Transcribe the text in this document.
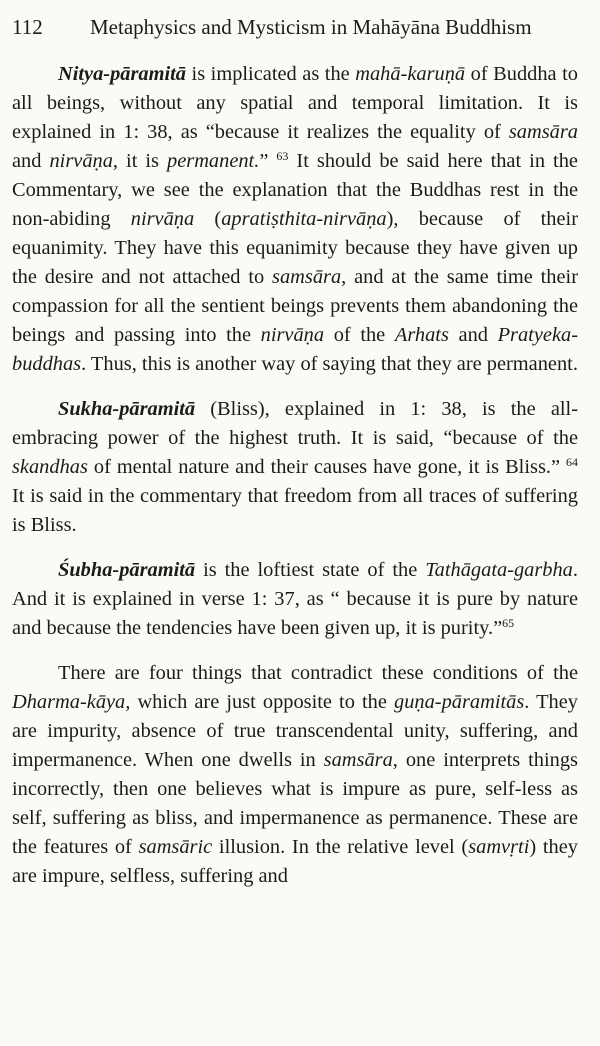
112	Metaphysics and Mysticism in Mahāyāna Buddhism

Nitya-pāramitā is implicated as the mahā-karuṇā of Buddha to all beings, without any spatial and temporal limitation. It is explained in 1: 38, as “because it realizes the equality of samsāra and nirvāṇa, it is permanent.” $^{63}$ It should be said here that in the Commentary, we see the explanation that the Buddhas rest in the non-abiding nirvāṇa (apratiṣthita-nirvāṇa), because of their equanimity. They have this equanimity because they have given up the desire and not attached to samsāra, and at the same time their compassion for all the sentient beings prevents them abandoning the beings and passing into the nirvāṇa of the Arhats and Pratyeka-buddhas. Thus, this is another way of saying that they are permanent.

Sukha-pāramitā (Bliss), explained in 1: 38, is the all-embracing power of the highest truth. It is said, “because of the skandhas of mental nature and their causes have gone, it is Bliss.” $^{64}$ It is said in the commentary that freedom from all traces of suffering is Bliss.

Śubha-pāramitā is the loftiest state of the Tathāgata-garbha. And it is explained in verse 1: 37, as “ because it is pure by nature and because the tendencies have been given up, it is purity.”$^{65}$

There are four things that contradict these conditions of the Dharma-kāya, which are just opposite to the guṇa-pāramitās. They are impurity, absence of true transcendental unity, suffering, and impermanence. When one dwells in samsāra, one interprets things incorrectly, then one believes what is impure as pure, self-less as self, suffering as bliss, and impermanence as permanence. These are the features of samsāric illusion. In the relative level (samvṛti) they are impure, selfless, suffering and
